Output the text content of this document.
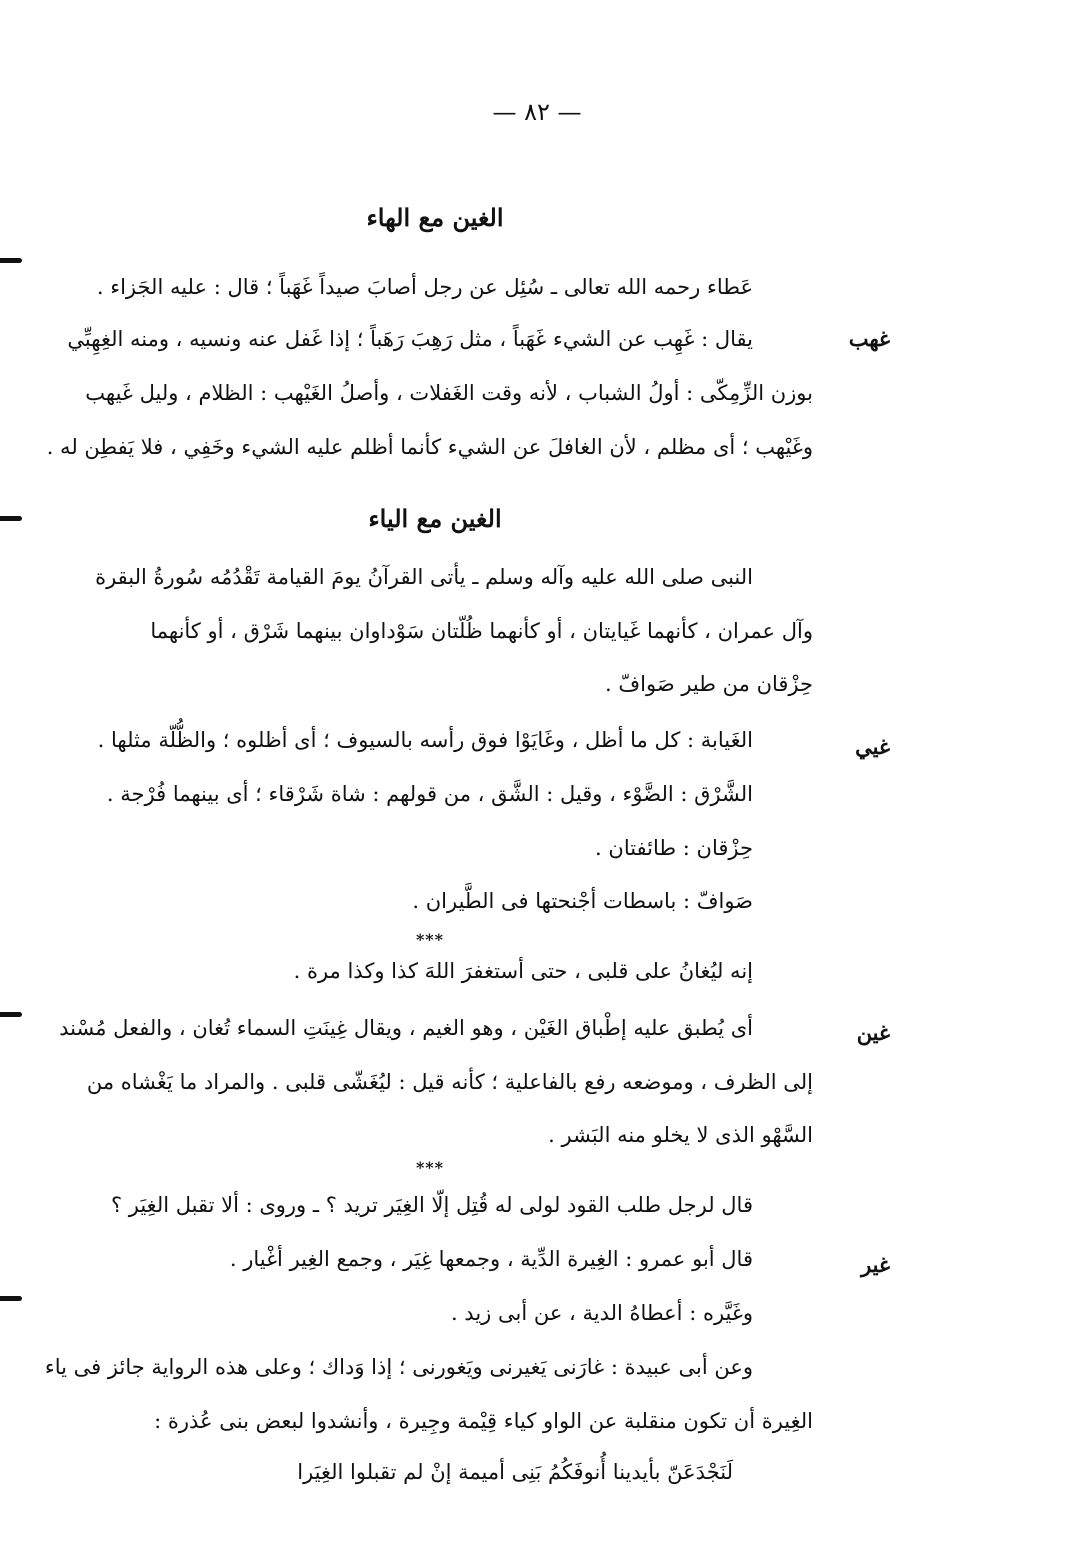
— ٨٢ —
الغين مع الهاء
عَطاء رحمه الله تعالى ـ سُئِل عن رجل أصابَ صيداً غَهَباً ؛ قال : عليه الجَزاء .
غهب
يقال : غَهِب عن الشيء غَهَباً ، مثل رَهِبَ رَهَباً ؛ إذا غَفل عنه ونسيه ، ومنه الغِهِبِّي
بوزن الزِّمِكّى : أولُ الشباب ، لأنه وقت الغَفلات ، وأصلُ الغَيْهب : الظلام ، وليل غَيهب
وغَيْهب ؛ أى مظلم ، لأن الغافلَ عن الشيء كأنما أظلم عليه الشيء وخَفِي ، فلا يَفطِن له .
الغين مع الياء
النبى صلى الله عليه وآله وسلم ـ يأتى القرآنُ يومَ القيامة تَقْدُمُه سُورةُ البقرة
وآل عمران ، كأنهما غَيايتان ، أو كأنهما ظُلّتان سَوْداوان بينهما شَرْق ، أو كأنهما
حِزْقان من طير صَوافّ .
غيي
الغَيابة : كل ما أظل ، وغَايَوْا فوق رأسه بالسيوف ؛ أى أظلوه ؛ والظُّلّة مثلها .
الشَّرْق : الضَّوْء ، وقيل : الشَّق ، من قولهم : شاة شَرْقاء ؛ أى بينهما فُرْجة .
حِزْقان : طائفتان .
صَوافّ : باسطات أجْنحتها فى الطَّيران .
***
إنه ليُغانُ على قلبى ، حتى أستغفرَ اللهَ كذا وكذا مرة .
غين
أى يُطبق عليه إطْباق الغَيْن ، وهو الغيم ، ويقال غِينَتِ السماء تُغان ، والفعل مُسْند
إلى الظرف ، وموضعه رفع بالفاعلية ؛ كأنه قيل : ليُغَشّى قلبى . والمراد ما يَغْشاه من
السَّهْو الذى لا يخلو منه البَشر .
***
قال لرجل طلب القود لولى له قُتِل إلّا الغِيَر تريد ؟ ـ وروى : ألا تقبل الغِيَر ؟
غير
قال أبو عمرو : الغِيرة الدِّية ، وجمعها غِيَر ، وجمع الغِير أغْيار .
وغَيَّره : أعطاهُ الدية ، عن أبى زيد .
وعن أبى عبيدة : غارَنى يَغيرنى ويَغورنى ؛ إذا وَداك ؛ وعلى هذه الرواية جائز فى ياء
الغِيرة أن تكون منقلبة عن الواو كياء قِيْمة وجِيرة ، وأنشدوا لبعض بنى عُذرة :
لَنَجْدَعَنّ بأيدينا أُنوفَكُمُ بَنِى أميمة إنْ لم تقبلوا الغِيَرا
